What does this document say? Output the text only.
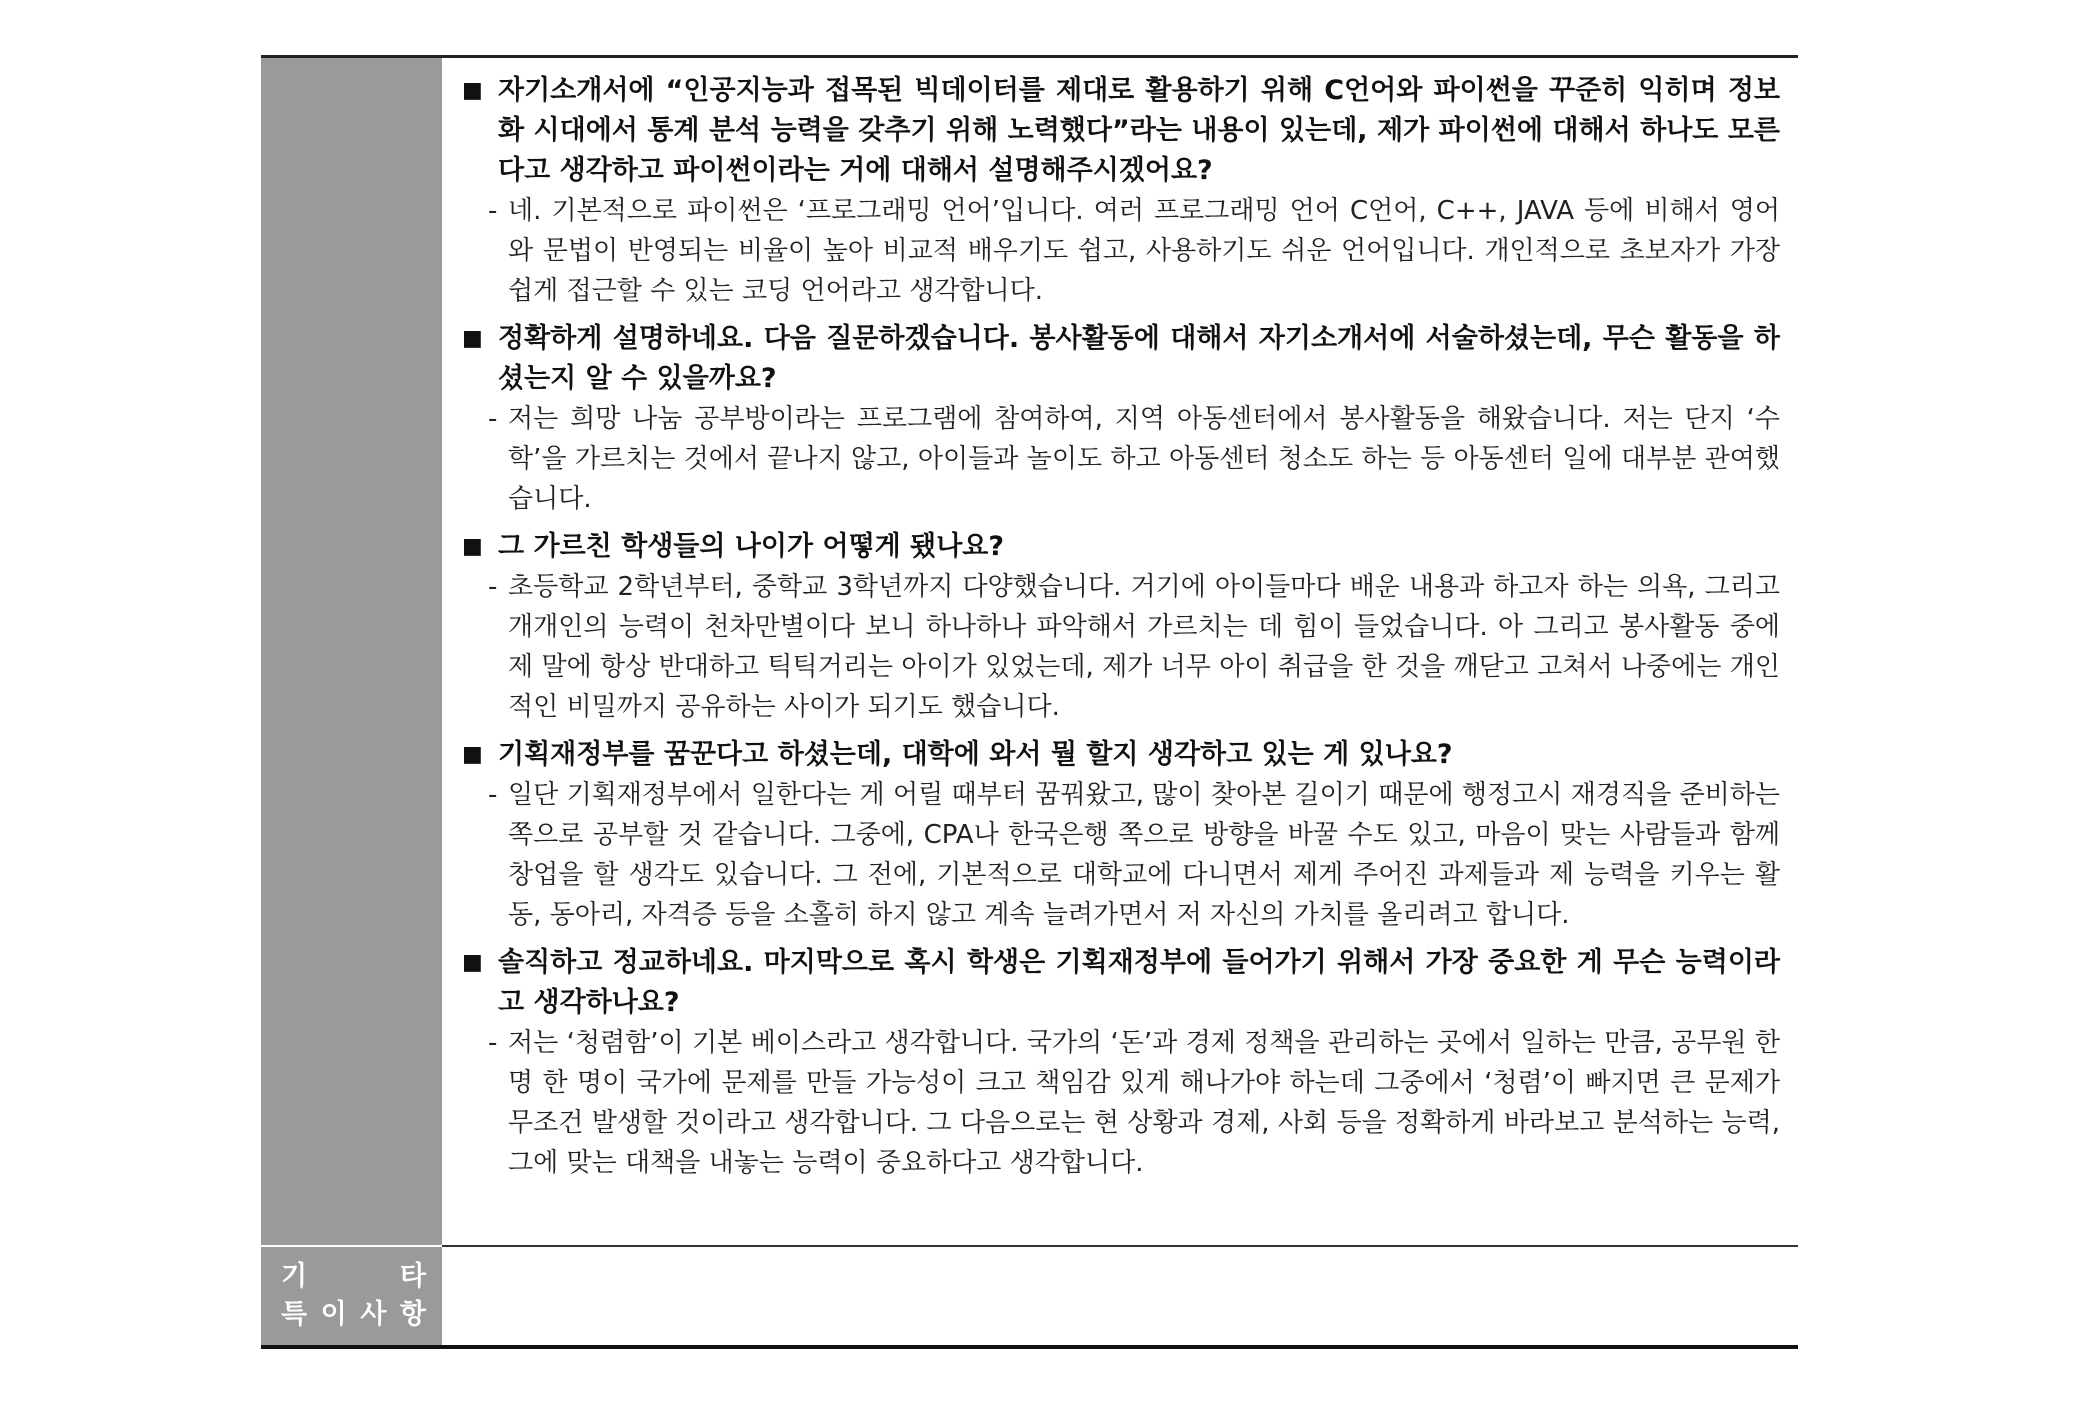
■ 자기소개서에 “인공지능과 접목된 빅데이터를 제대로 활용하기 위해 C언어와 파이썬을 꾸준히 익히며 정보화 시대에서 통계 분석 능력을 갖추기 위해 노력했다”라는 내용이 있는데, 제가 파이썬에 대해서 하나도 모른다고 생각하고 파이썬이라는 거에 대해서 설명해주시겠어요?
- 네. 기본적으로 파이썬은 ‘프로그래밍 언어’입니다. 여러 프로그래밍 언어 C언어, C++, JAVA 등에 비해서 영어와 문법이 반영되는 비율이 높아 비교적 배우기도 쉽고, 사용하기도 쉬운 언어입니다. 개인적으로 초보자가 가장 쉽게 접근할 수 있는 코딩 언어라고 생각합니다.
■ 정확하게 설명하네요. 다음 질문하겠습니다. 봉사활동에 대해서 자기소개서에 서술하셨는데, 무슨 활동을 하셨는지 알 수 있을까요?
- 저는 희망 나눔 공부방이라는 프로그램에 참여하여, 지역 아동센터에서 봉사활동을 해왔습니다. 저는 단지 ‘수학’을 가르치는 것에서 끝나지 않고, 아이들과 놀이도 하고 아동센터 청소도 하는 등 아동센터 일에 대부분 관여했습니다.
■ 그 가르친 학생들의 나이가 어떻게 됐나요?
- 초등학교 2학년부터, 중학교 3학년까지 다양했습니다. 거기에 아이들마다 배운 내용과 하고자 하는 의욕, 그리고 개개인의 능력이 천차만별이다 보니 하나하나 파악해서 가르치는 데 힘이 들었습니다. 아 그리고 봉사활동 중에 제 말에 항상 반대하고 틱틱거리는 아이가 있었는데, 제가 너무 아이 취급을 한 것을 깨닫고 고쳐서 나중에는 개인적인 비밀까지 공유하는 사이가 되기도 했습니다.
■ 기획재정부를 꿈꾼다고 하셨는데, 대학에 와서 뭘 할지 생각하고 있는 게 있나요?
- 일단 기획재정부에서 일한다는 게 어릴 때부터 꿈꿔왔고, 많이 찾아본 길이기 때문에 행정고시 재경직을 준비하는 쪽으로 공부할 것 같습니다. 그중에, CPA나 한국은행 쪽으로 방향을 바꿀 수도 있고, 마음이 맞는 사람들과 함께 창업을 할 생각도 있습니다. 그 전에, 기본적으로 대학교에 다니면서 제게 주어진 과제들과 제 능력을 키우는 활동, 동아리, 자격증 등을 소홀히 하지 않고 계속 늘려가면서 저 자신의 가치를 올리려고 합니다.
■ 솔직하고 정교하네요. 마지막으로 혹시 학생은 기획재정부에 들어가기 위해서 가장 중요한 게 무슨 능력이라고 생각하나요?
- 저는 ‘청렴함’이 기본 베이스라고 생각합니다. 국가의 ‘돈’과 경제 정책을 관리하는 곳에서 일하는 만큼, 공무원 한 명 한 명이 국가에 문제를 만들 가능성이 크고 책임감 있게 해나가야 하는데 그중에서 ‘청렴’이 빠지면 큰 문제가 무조건 발생할 것이라고 생각합니다. 그 다음으로는 현 상황과 경제, 사회 등을 정확하게 바라보고 분석하는 능력, 그에 맞는 대책을 내놓는 능력이 중요하다고 생각합니다.
기	타
특 이 사 항
